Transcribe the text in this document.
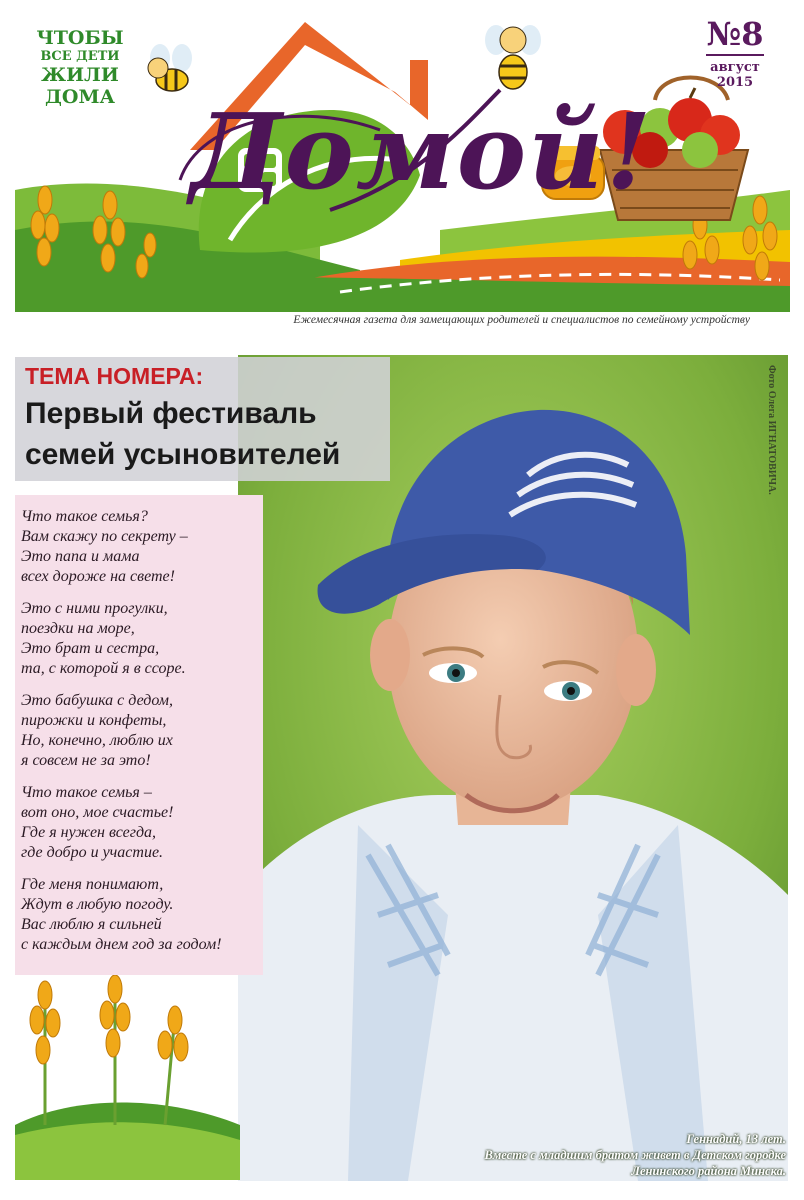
ЧТОБЫ
ВСЕ ДЕТИ
ЖИЛИ
ДОМА Домой!
№8
август
2015
Ежемесячная газета для замещающих родителей и специалистов по семейному устройству
Фото Олега ИГНАТОВИЧА.
ТЕМА НОМЕРА:
Первый фестиваль
семей усыновителей
Что такое семья?
Вам скажу по секрету –
Это папа и мама
всех дороже на свете!
Это с ними прогулки,
поездки на море,
Это брат и сестра,
та, с которой я в ссоре.
Это бабушка с дедом,
пирожки и конфеты,
Но, конечно, люблю их
я совсем не за это!
Что такое семья –
вот оно, мое счастье!
Где я нужен всегда,
где добро и участие.
Где меня понимают,
Ждут в любую погоду.
Вас люблю я сильней
с каждым днем год за годом!
Геннадий, 13 лет.
Вместе с младшим братом живет в Детском городке
Ленинского района Минска.
